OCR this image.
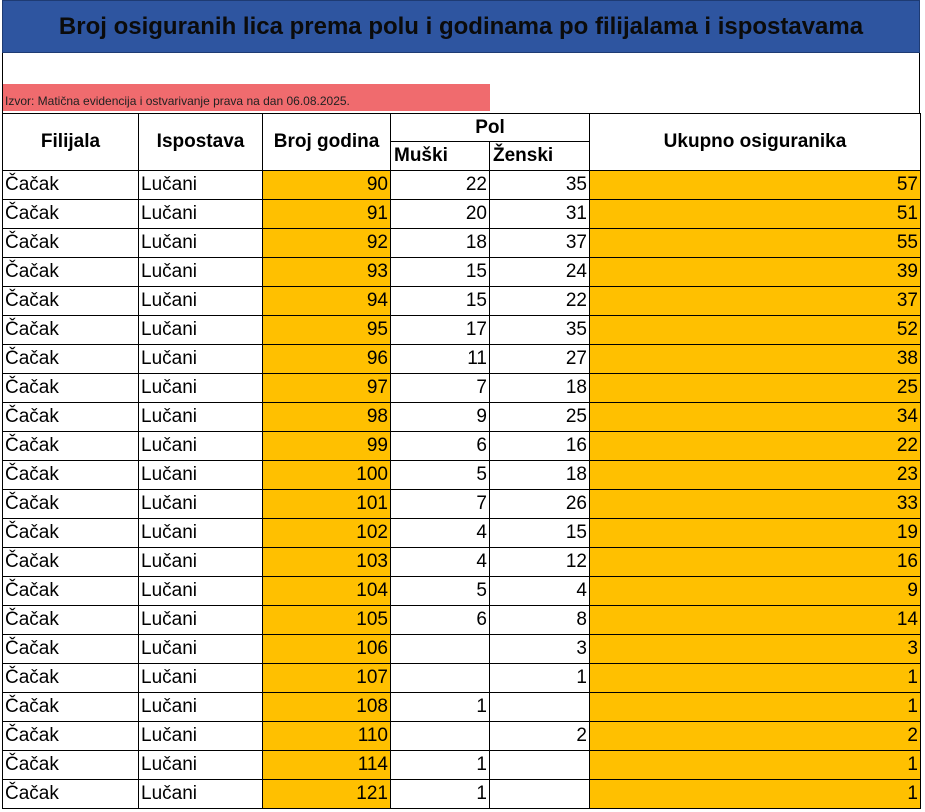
Broj osiguranih lica prema polu i godinama po filijalama i ispostavama
Izvor: Matična evidencija i ostvarivanje prava na dan 06.08.2025.
Filijala	Ispostava	Broj godina	Pol		Ukupno osiguranika
			Muški	Ženski	
Čačak	Lučani	90	22	35	57
Čačak	Lučani	91	20	31	51
Čačak	Lučani	92	18	37	55
Čačak	Lučani	93	15	24	39
Čačak	Lučani	94	15	22	37
Čačak	Lučani	95	17	35	52
Čačak	Lučani	96	11	27	38
Čačak	Lučani	97	7	18	25
Čačak	Lučani	98	9	25	34
Čačak	Lučani	99	6	16	22
Čačak	Lučani	100	5	18	23
Čačak	Lučani	101	7	26	33
Čačak	Lučani	102	4	15	19
Čačak	Lučani	103	4	12	16
Čačak	Lučani	104	5	4	9
Čačak	Lučani	105	6	8	14
Čačak	Lučani	106		3	3
Čačak	Lučani	107		1	1
Čačak	Lučani	108	1		1
Čačak	Lučani	110		2	2
Čačak	Lučani	114	1		1
Čačak	Lučani	121	1		1
